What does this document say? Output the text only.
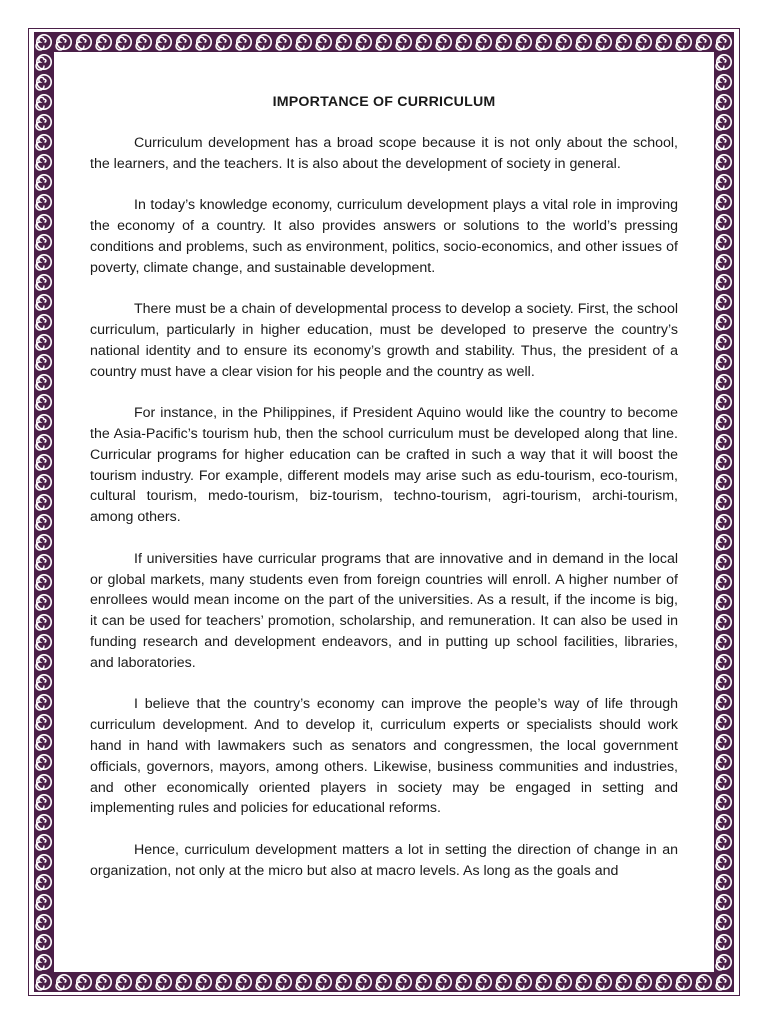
IMPORTANCE OF CURRICULUM

Curriculum development has a broad scope because it is not only about the school, the learners, and the teachers. It is also about the development of society in general.

In today’s knowledge economy, curriculum development plays a vital role in improving the economy of a country. It also provides answers or solutions to the world’s pressing conditions and problems, such as environment, politics, socio-economics, and other issues of poverty, climate change, and sustainable development.

There must be a chain of developmental process to develop a society. First, the school curriculum, particularly in higher education, must be developed to preserve the country’s national identity and to ensure its economy’s growth and stability. Thus, the president of a country must have a clear vision for his people and the country as well.

For instance, in the Philippines, if President Aquino would like the country to become the Asia-Pacific’s tourism hub, then the school curriculum must be developed along that line. Curricular programs for higher education can be crafted in such a way that it will boost the tourism industry. For example, different models may arise such as edu-tourism, eco-tourism, cultural tourism, medo-tourism, biz-tourism, techno-tourism, agri-tourism, archi-tourism, among others.

If universities have curricular programs that are innovative and in demand in the local or global markets, many students even from foreign countries will enroll. A higher number of enrollees would mean income on the part of the universities. As a result, if the income is big, it can be used for teachers’ promotion, scholarship, and remuneration. It can also be used in funding research and development endeavors, and in putting up school facilities, libraries, and laboratories.

I believe that the country’s economy can improve the people’s way of life through curriculum development. And to develop it, curriculum experts or specialists should work hand in hand with lawmakers such as senators and congressmen, the local government officials, governors, mayors, among others. Likewise, business communities and industries, and other economically oriented players in society may be engaged in setting and implementing rules and policies for educational reforms.

Hence, curriculum development matters a lot in setting the direction of change in an organization, not only at the micro but also at macro levels. As long as the goals and
